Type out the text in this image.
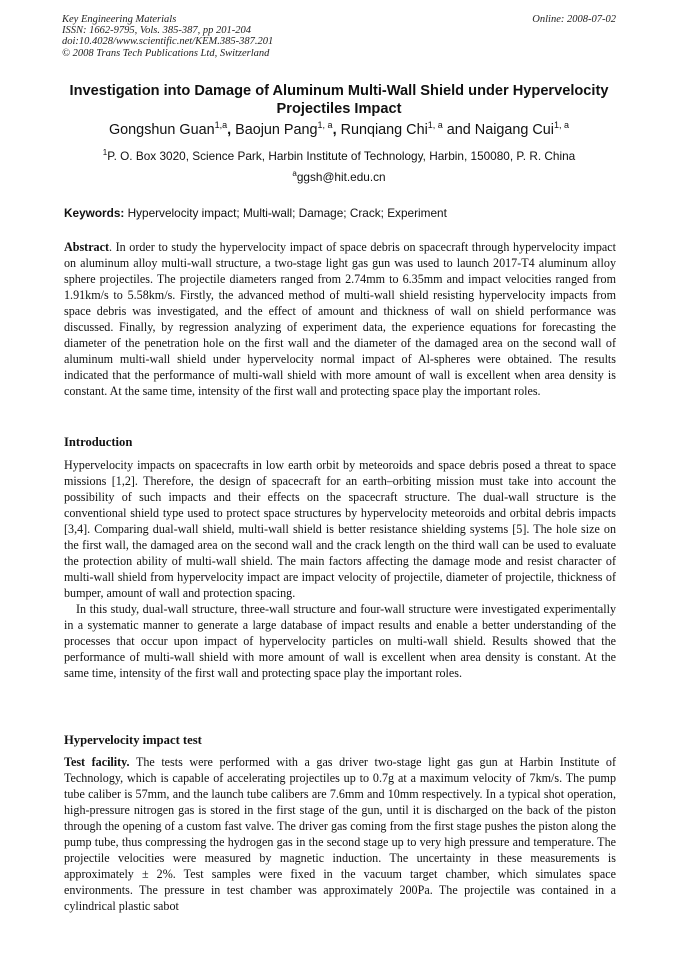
Key Engineering Materials
ISSN: 1662-9795, Vols. 385-387, pp 201-204
doi:10.4028/www.scientific.net/KEM.385-387.201
© 2008 Trans Tech Publications Ltd, Switzerland
Online: 2008-07-02
Investigation into Damage of Aluminum Multi-Wall Shield under Hypervelocity Projectiles Impact
Gongshun Guan$^{1,a}$, Baojun Pang$^{1, a}$, Runqiang Chi$^{1, a}$ and Naigang Cui$^{1, a}$
$^1$P. O. Box 3020, Science Park, Harbin Institute of Technology, Harbin, 150080, P. R. China
$^a$ggsh@hit.edu.cn
Keywords: Hypervelocity impact; Multi-wall; Damage; Crack; Experiment

Abstract. In order to study the hypervelocity impact of space debris on spacecraft through hypervelocity impact on aluminum alloy multi-wall structure, a two-stage light gas gun was used to launch 2017-T4 aluminum alloy sphere projectiles. The projectile diameters ranged from 2.74mm to 6.35mm and impact velocities ranged from 1.91km/s to 5.58km/s. Firstly, the advanced method of multi-wall shield resisting hypervelocity impacts from space debris was investigated, and the effect of amount and thickness of wall on shield performance was discussed. Finally, by regression analyzing of experiment data, the experience equations for forecasting the diameter of the penetration hole on the first wall and the diameter of the damaged area on the second wall of aluminum multi-wall shield under hypervelocity normal impact of Al-spheres were obtained. The results indicated that the performance of multi-wall shield with more amount of wall is excellent when area density is constant. At the same time, intensity of the first wall and protecting space play the important roles.

Introduction

Hypervelocity impacts on spacecrafts in low earth orbit by meteoroids and space debris posed a threat to space missions [1,2]. Therefore, the design of spacecraft for an earth–orbiting mission must take into account the possibility of such impacts and their effects on the spacecraft structure. The dual-wall structure is the conventional shield type used to protect space structures by hypervelocity meteoroids and orbital debris impacts [3,4]. Comparing dual-wall shield, multi-wall shield is better resistance shielding systems [5]. The hole size on the first wall, the damaged area on the second wall and the crack length on the third wall can be used to evaluate the protection ability of multi-wall shield. The main factors affecting the damage mode and resist character of multi-wall shield from hypervelocity impact are impact velocity of projectile, diameter of projectile, thickness of bumper, amount of wall and protection spacing.

In this study, dual-wall structure, three-wall structure and four-wall structure were investigated experimentally in a systematic manner to generate a large database of impact results and enable a better understanding of the processes that occur upon impact of hypervelocity particles on multi-wall shield. Results showed that the performance of multi-wall shield with more amount of wall is excellent when area density is constant. At the same time, intensity of the first wall and protecting space play the important roles.

Hypervelocity impact test

Test facility. The tests were performed with a gas driver two-stage light gas gun at Harbin Institute of Technology, which is capable of accelerating projectiles up to 0.7g at a maximum velocity of 7km/s. The pump tube caliber is 57mm, and the launch tube calibers are 7.6mm and 10mm respectively. In a typical shot operation, high-pressure nitrogen gas is stored in the first stage of the gun, until it is discharged on the back of the piston through the opening of a custom fast valve. The driver gas coming from the first stage pushes the piston along the pump tube, thus compressing the hydrogen gas in the second stage up to very high pressure and temperature. The projectile velocities were measured by magnetic induction. The uncertainty in these measurements is approximately ± 2%. Test samples were fixed in the vacuum target chamber, which simulates space environments. The pressure in test chamber was approximately 200Pa. The projectile was contained in a cylindrical plastic sabot
